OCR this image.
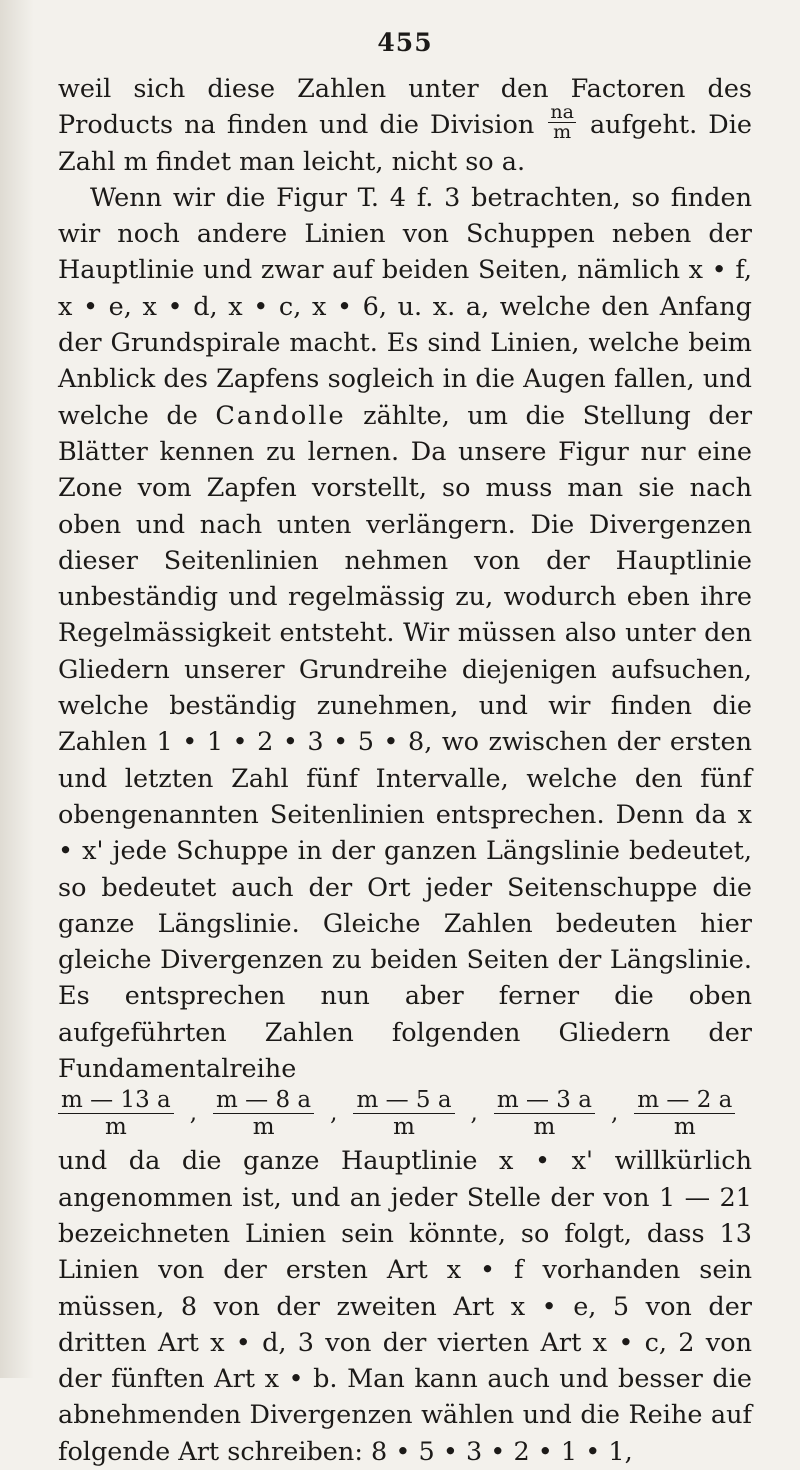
455

weil sich diese Zahlen unter den Factoren des Products na finden und die Division $\frac{na}{m}$ aufgeht. Die Zahl m findet man leicht, nicht so a.

Wenn wir die Figur T. 4 f. 3 betrachten, so finden wir noch andere Linien von Schuppen neben der Hauptlinie und zwar auf beiden Seiten, nämlich x • f, x • e, x • d, x • c, x • 6, u. x. a, welche den Anfang der Grundspirale macht. Es sind Linien, welche beim Anblick des Zapfens sogleich in die Augen fallen, und welche de Candolle zählte, um die Stellung der Blätter kennen zu lernen. Da unsere Figur nur eine Zone vom Zapfen vorstellt, so muss man sie nach oben und nach unten verlängern. Die Divergenzen dieser Seitenlinien nehmen von der Hauptlinie unbeständig und regelmässig zu, wodurch eben ihre Regelmässigkeit entsteht. Wir müssen also unter den Gliedern unserer Grundreihe diejenigen aufsuchen, welche beständig zunehmen, und wir finden die Zahlen 1 • 1 • 2 • 3 • 5 • 8, wo zwischen der ersten und letzten Zahl fünf Intervalle, welche den fünf obengenannten Seitenlinien entsprechen. Denn da x • x' jede Schuppe in der ganzen Längslinie bedeutet, so bedeutet auch der Ort jeder Seitenschuppe die ganze Längslinie. Gleiche Zahlen bedeuten hier gleiche Divergenzen zu beiden Seiten der Längslinie. Es entsprechen nun aber ferner die oben aufgeführten Zahlen folgenden Gliedern der Fundamentalreihe

$\frac{m — 13 a}{m}$ , $\frac{m — 8 a}{m}$ , $\frac{m — 5 a}{m}$ , $\frac{m — 3 a}{m}$ , $\frac{m — 2 a}{m}$

und da die ganze Hauptlinie x • x' willkürlich angenommen ist, und an jeder Stelle der von 1 — 21 bezeichneten Linien sein könnte, so folgt, dass 13 Linien von der ersten Art x • f vorhanden sein müssen, 8 von der zweiten Art x • e, 5 von der dritten Art x • d, 3 von der vierten Art x • c, 2 von der fünften Art x • b. Man kann auch und besser die abnehmenden Divergenzen wählen und die Reihe auf folgende Art schreiben: 8 • 5 • 3 • 2 • 1 • 1,
